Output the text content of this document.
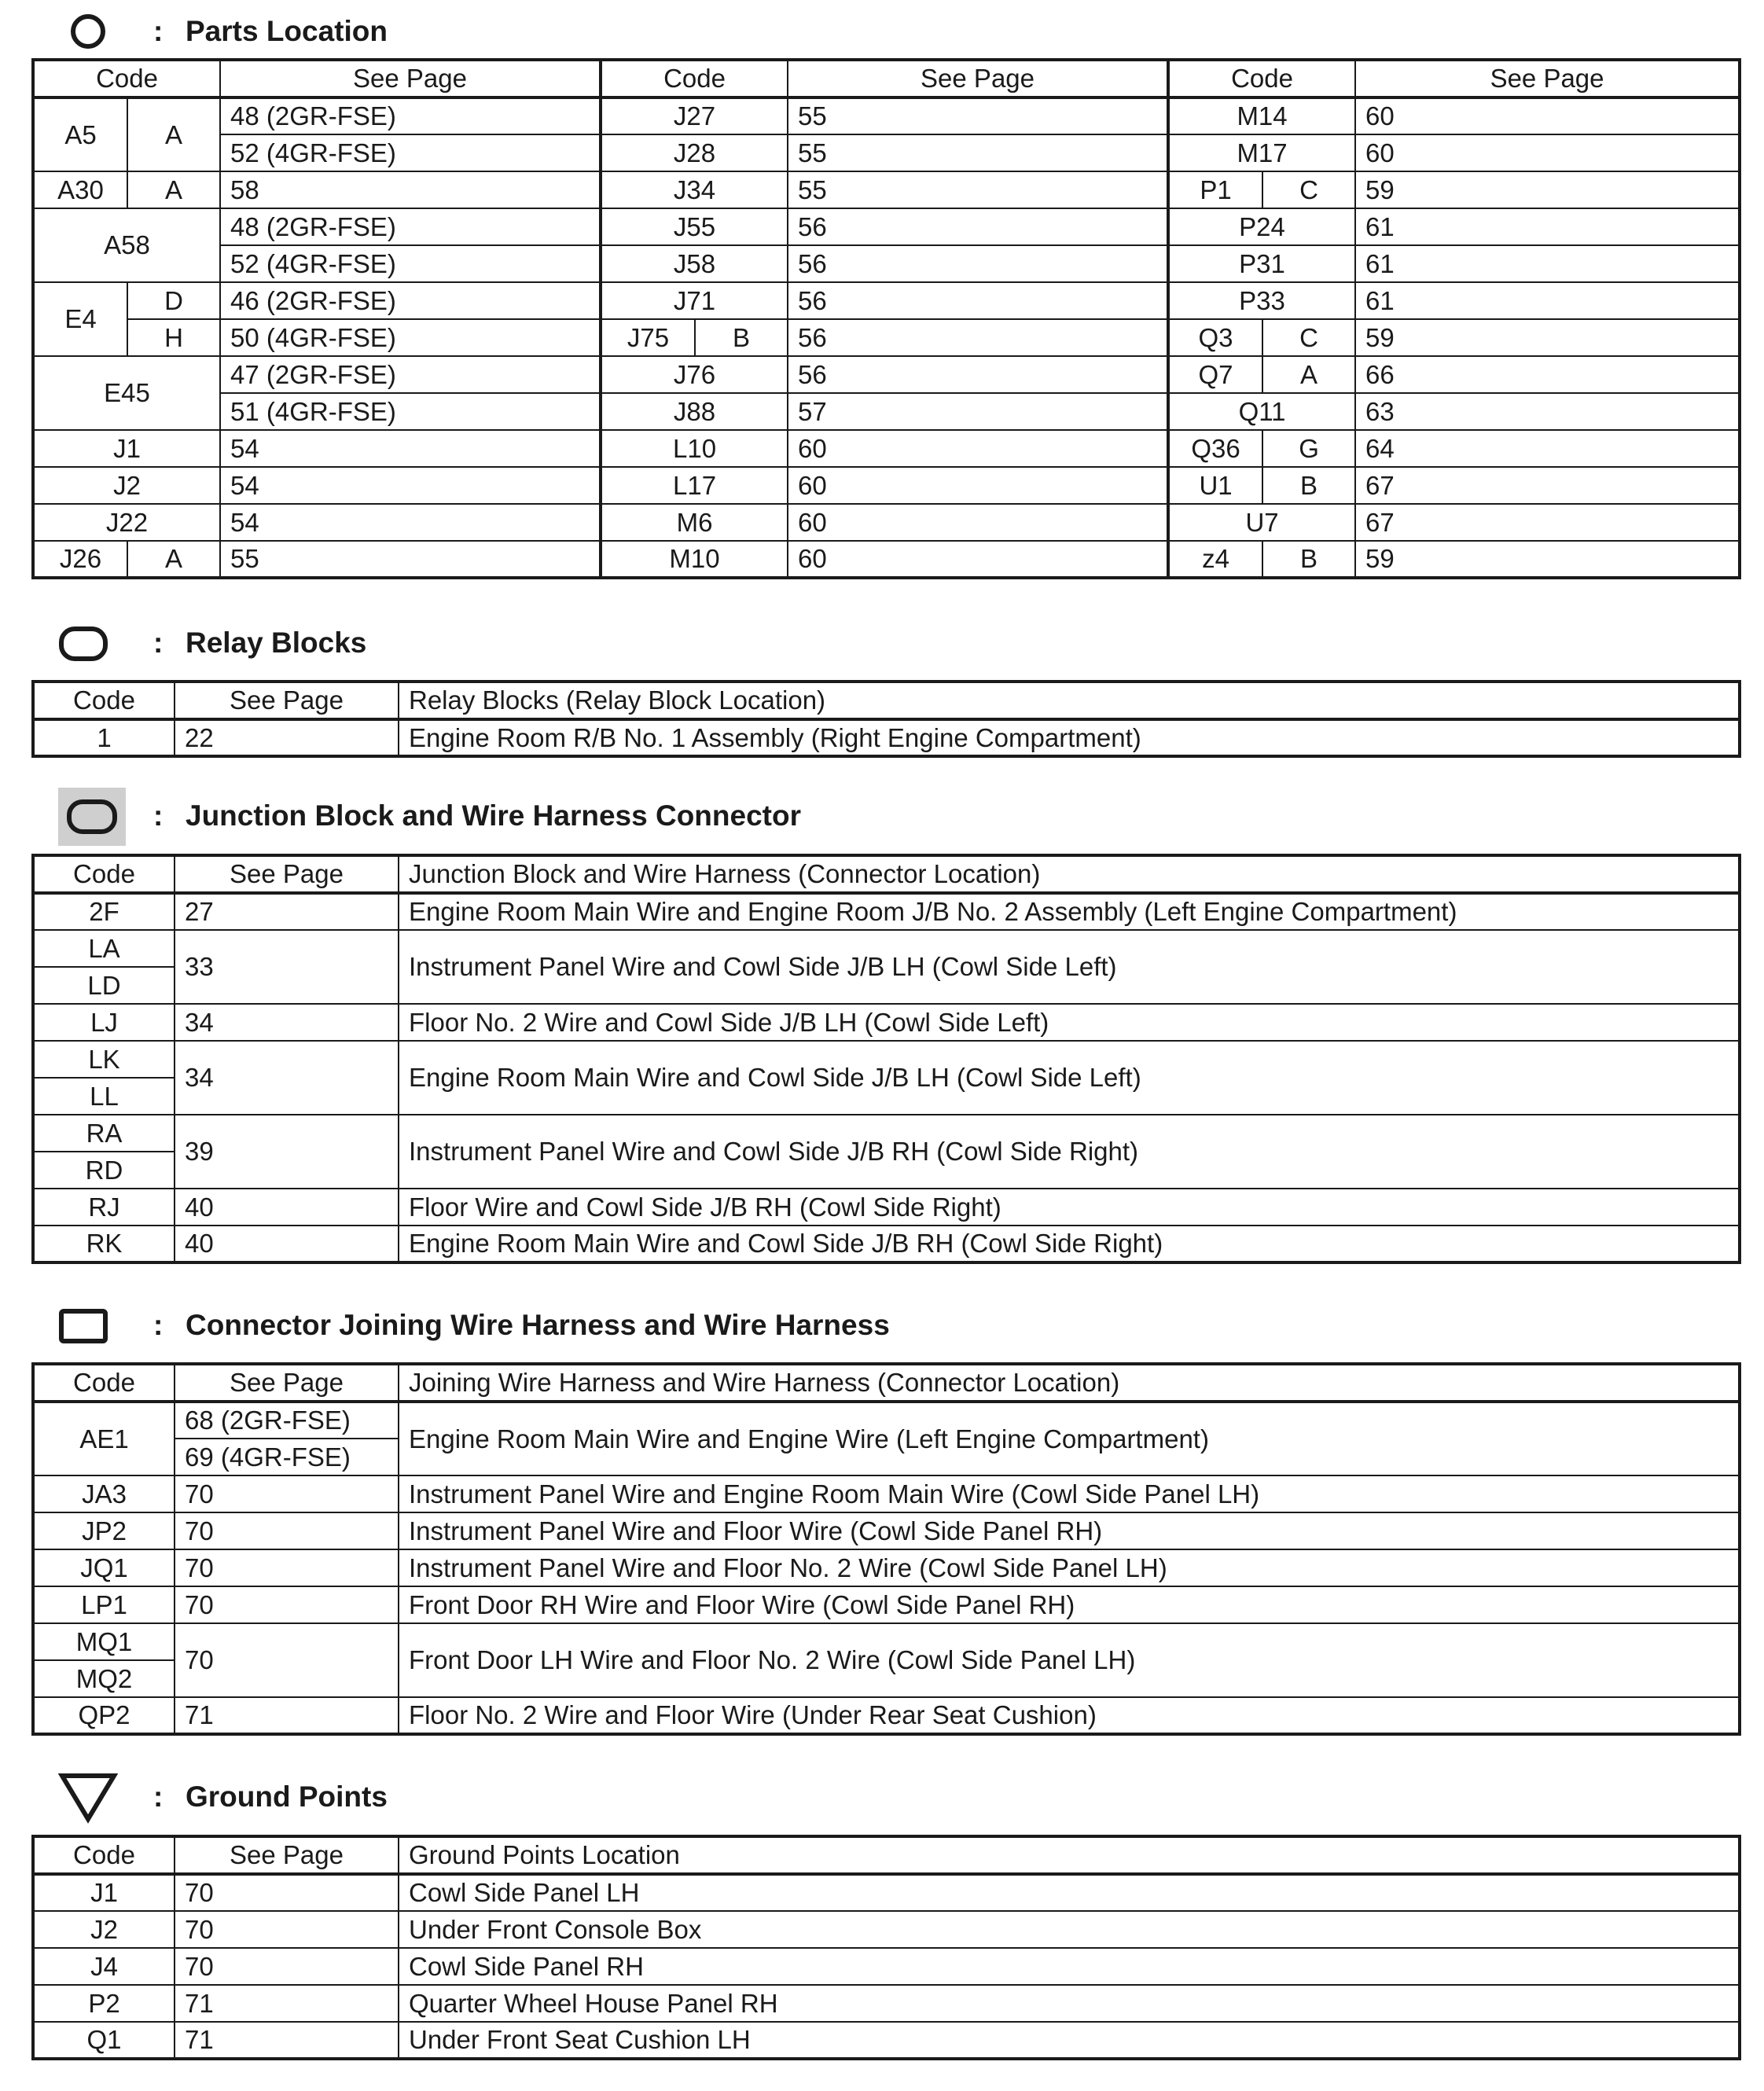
: Parts Location
Code		See Page	Code		See Page	Code		See Page
A5	A	48 (2GR-FSE)	J27		55	M14		60
		52 (4GR-FSE)	J28		55	M17		60
A30	A	58	J34		55	P1	C	59
A58		48 (2GR-FSE)	J55		56	P24		61
		52 (4GR-FSE)	J58		56	P31		61
E4	D	46 (2GR-FSE)	J71		56	P33		61
	H	50 (4GR-FSE)	J75	B	56	Q3	C	59
E45		47 (2GR-FSE)	J76		56	Q7	A	66
		51 (4GR-FSE)	J88		57	Q11		63
J1		54	L10		60	Q36	G	64
J2		54	L17		60	U1	B	67
J22		54	M6		60	U7		67
J26	A	55	M10		60	z4	B	59
: Relay Blocks
Code	See Page	Relay Blocks (Relay Block Location)
1	22	Engine Room R/B No. 1 Assembly (Right Engine Compartment)
: Junction Block and Wire Harness Connector
Code	See Page	Junction Block and Wire Harness (Connector Location)
2F	27	Engine Room Main Wire and Engine Room J/B No. 2 Assembly (Left Engine Compartment)
LA	33	Instrument Panel Wire and Cowl Side J/B LH (Cowl Side Left)
LD		
LJ	34	Floor No. 2 Wire and Cowl Side J/B LH (Cowl Side Left)
LK	34	Engine Room Main Wire and Cowl Side J/B LH (Cowl Side Left)
LL		
RA	39	Instrument Panel Wire and Cowl Side J/B RH (Cowl Side Right)
RD		
RJ	40	Floor Wire and Cowl Side J/B RH (Cowl Side Right)
RK	40	Engine Room Main Wire and Cowl Side J/B RH (Cowl Side Right)
: Connector Joining Wire Harness and Wire Harness
Code	See Page	Joining Wire Harness and Wire Harness (Connector Location)
AE1	68 (2GR-FSE)	Engine Room Main Wire and Engine Wire (Left Engine Compartment)
	69 (4GR-FSE)	
JA3	70	Instrument Panel Wire and Engine Room Main Wire (Cowl Side Panel LH)
JP2	70	Instrument Panel Wire and Floor Wire (Cowl Side Panel RH)
JQ1	70	Instrument Panel Wire and Floor No. 2 Wire (Cowl Side Panel LH)
LP1	70	Front Door RH Wire and Floor Wire (Cowl Side Panel RH)
MQ1	70	Front Door LH Wire and Floor No. 2 Wire (Cowl Side Panel LH)
MQ2		
QP2	71	Floor No. 2 Wire and Floor Wire (Under Rear Seat Cushion)
: Ground Points
Code	See Page	Ground Points Location
J1	70	Cowl Side Panel LH
J2	70	Under Front Console Box
J4	70	Cowl Side Panel RH
P2	71	Quarter Wheel House Panel RH
Q1	71	Under Front Seat Cushion LH
